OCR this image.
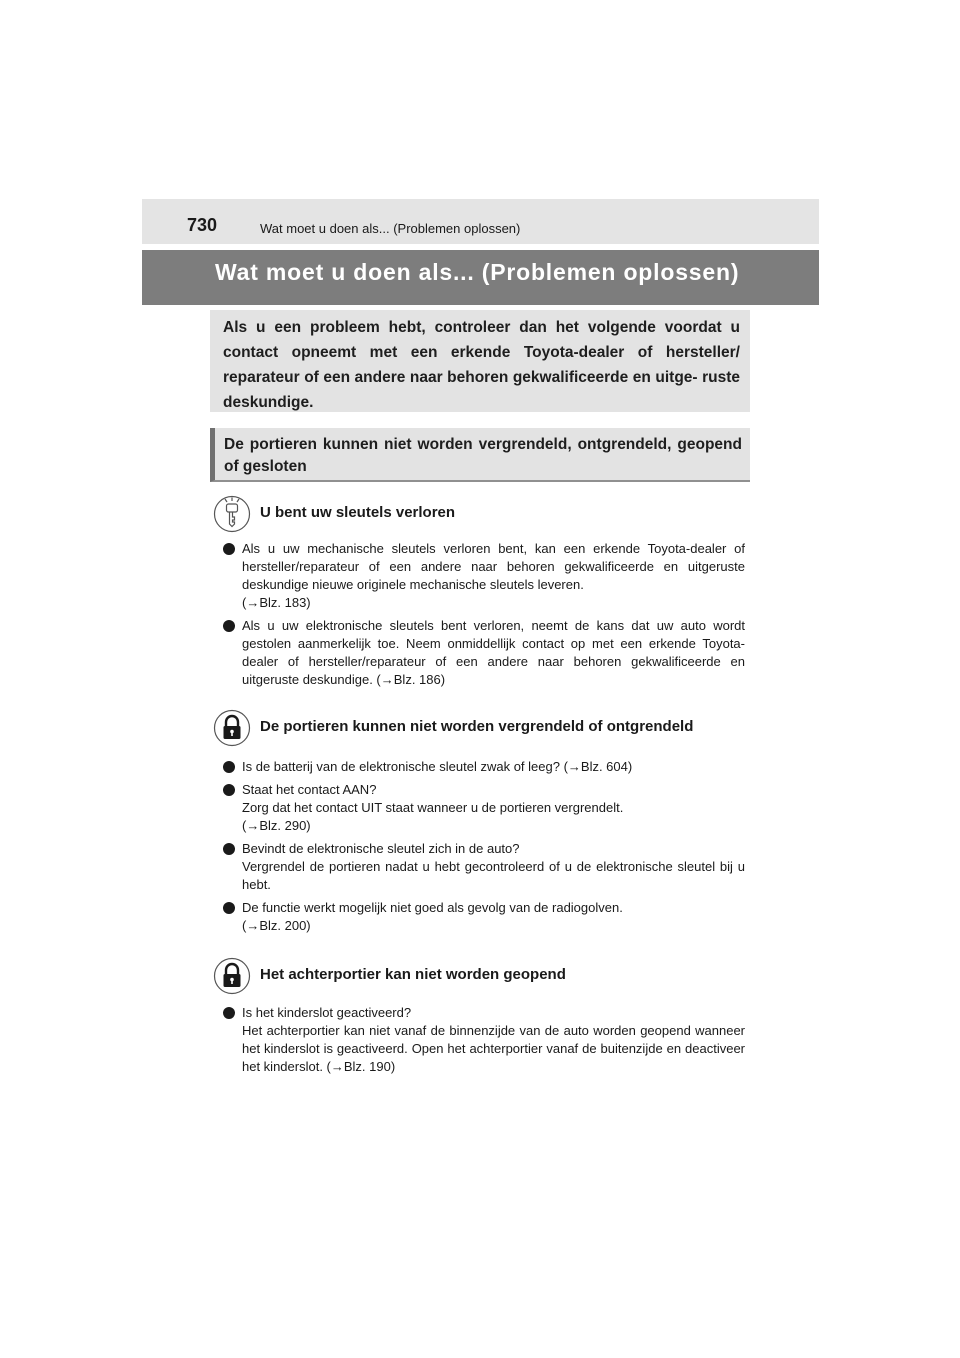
730	Wat moet u doen als... (Problemen oplossen)
Wat moet u doen als... (Problemen oplossen)

Als u een probleem hebt, controleer dan het volgende voordat u contact opneemt met een erkende Toyota-dealer of hersteller/ reparateur of een andere naar behoren gekwalificeerde en uitge- ruste deskundige.

De portieren kunnen niet worden vergrendeld, ontgrendeld, geopend of gesloten

U bent uw sleutels verloren
Als u uw mechanische sleutels verloren bent, kan een erkende Toyota-dealer of hersteller/reparateur of een andere naar behoren gekwalificeerde en uitgeruste deskundige nieuwe originele mechanische sleutels leveren.
(→Blz. 183)
Als u uw elektronische sleutels bent verloren, neemt de kans dat uw auto wordt gestolen aanmerkelijk toe. Neem onmiddellijk contact op met een erkende Toyota-dealer of hersteller/reparateur of een andere naar behoren gekwalificeerde en uitgeruste deskundige. (→Blz. 186)
De portieren kunnen niet worden vergrendeld of ontgrendeld
Is de batterij van de elektronische sleutel zwak of leeg? (→Blz. 604)
Staat het contact AAN?
Zorg dat het contact UIT staat wanneer u de portieren vergrendelt.
(→Blz. 290)
Bevindt de elektronische sleutel zich in de auto?
Vergrendel de portieren nadat u hebt gecontroleerd of u de elektronische sleutel bij u hebt.
De functie werkt mogelijk niet goed als gevolg van de radiogolven.
(→Blz. 200)
Het achterportier kan niet worden geopend
Is het kinderslot geactiveerd?
Het achterportier kan niet vanaf de binnenzijde van de auto worden geopend wanneer het kinderslot is geactiveerd. Open het achterportier vanaf de buitenzijde en deactiveer het kinderslot. (→Blz. 190)
